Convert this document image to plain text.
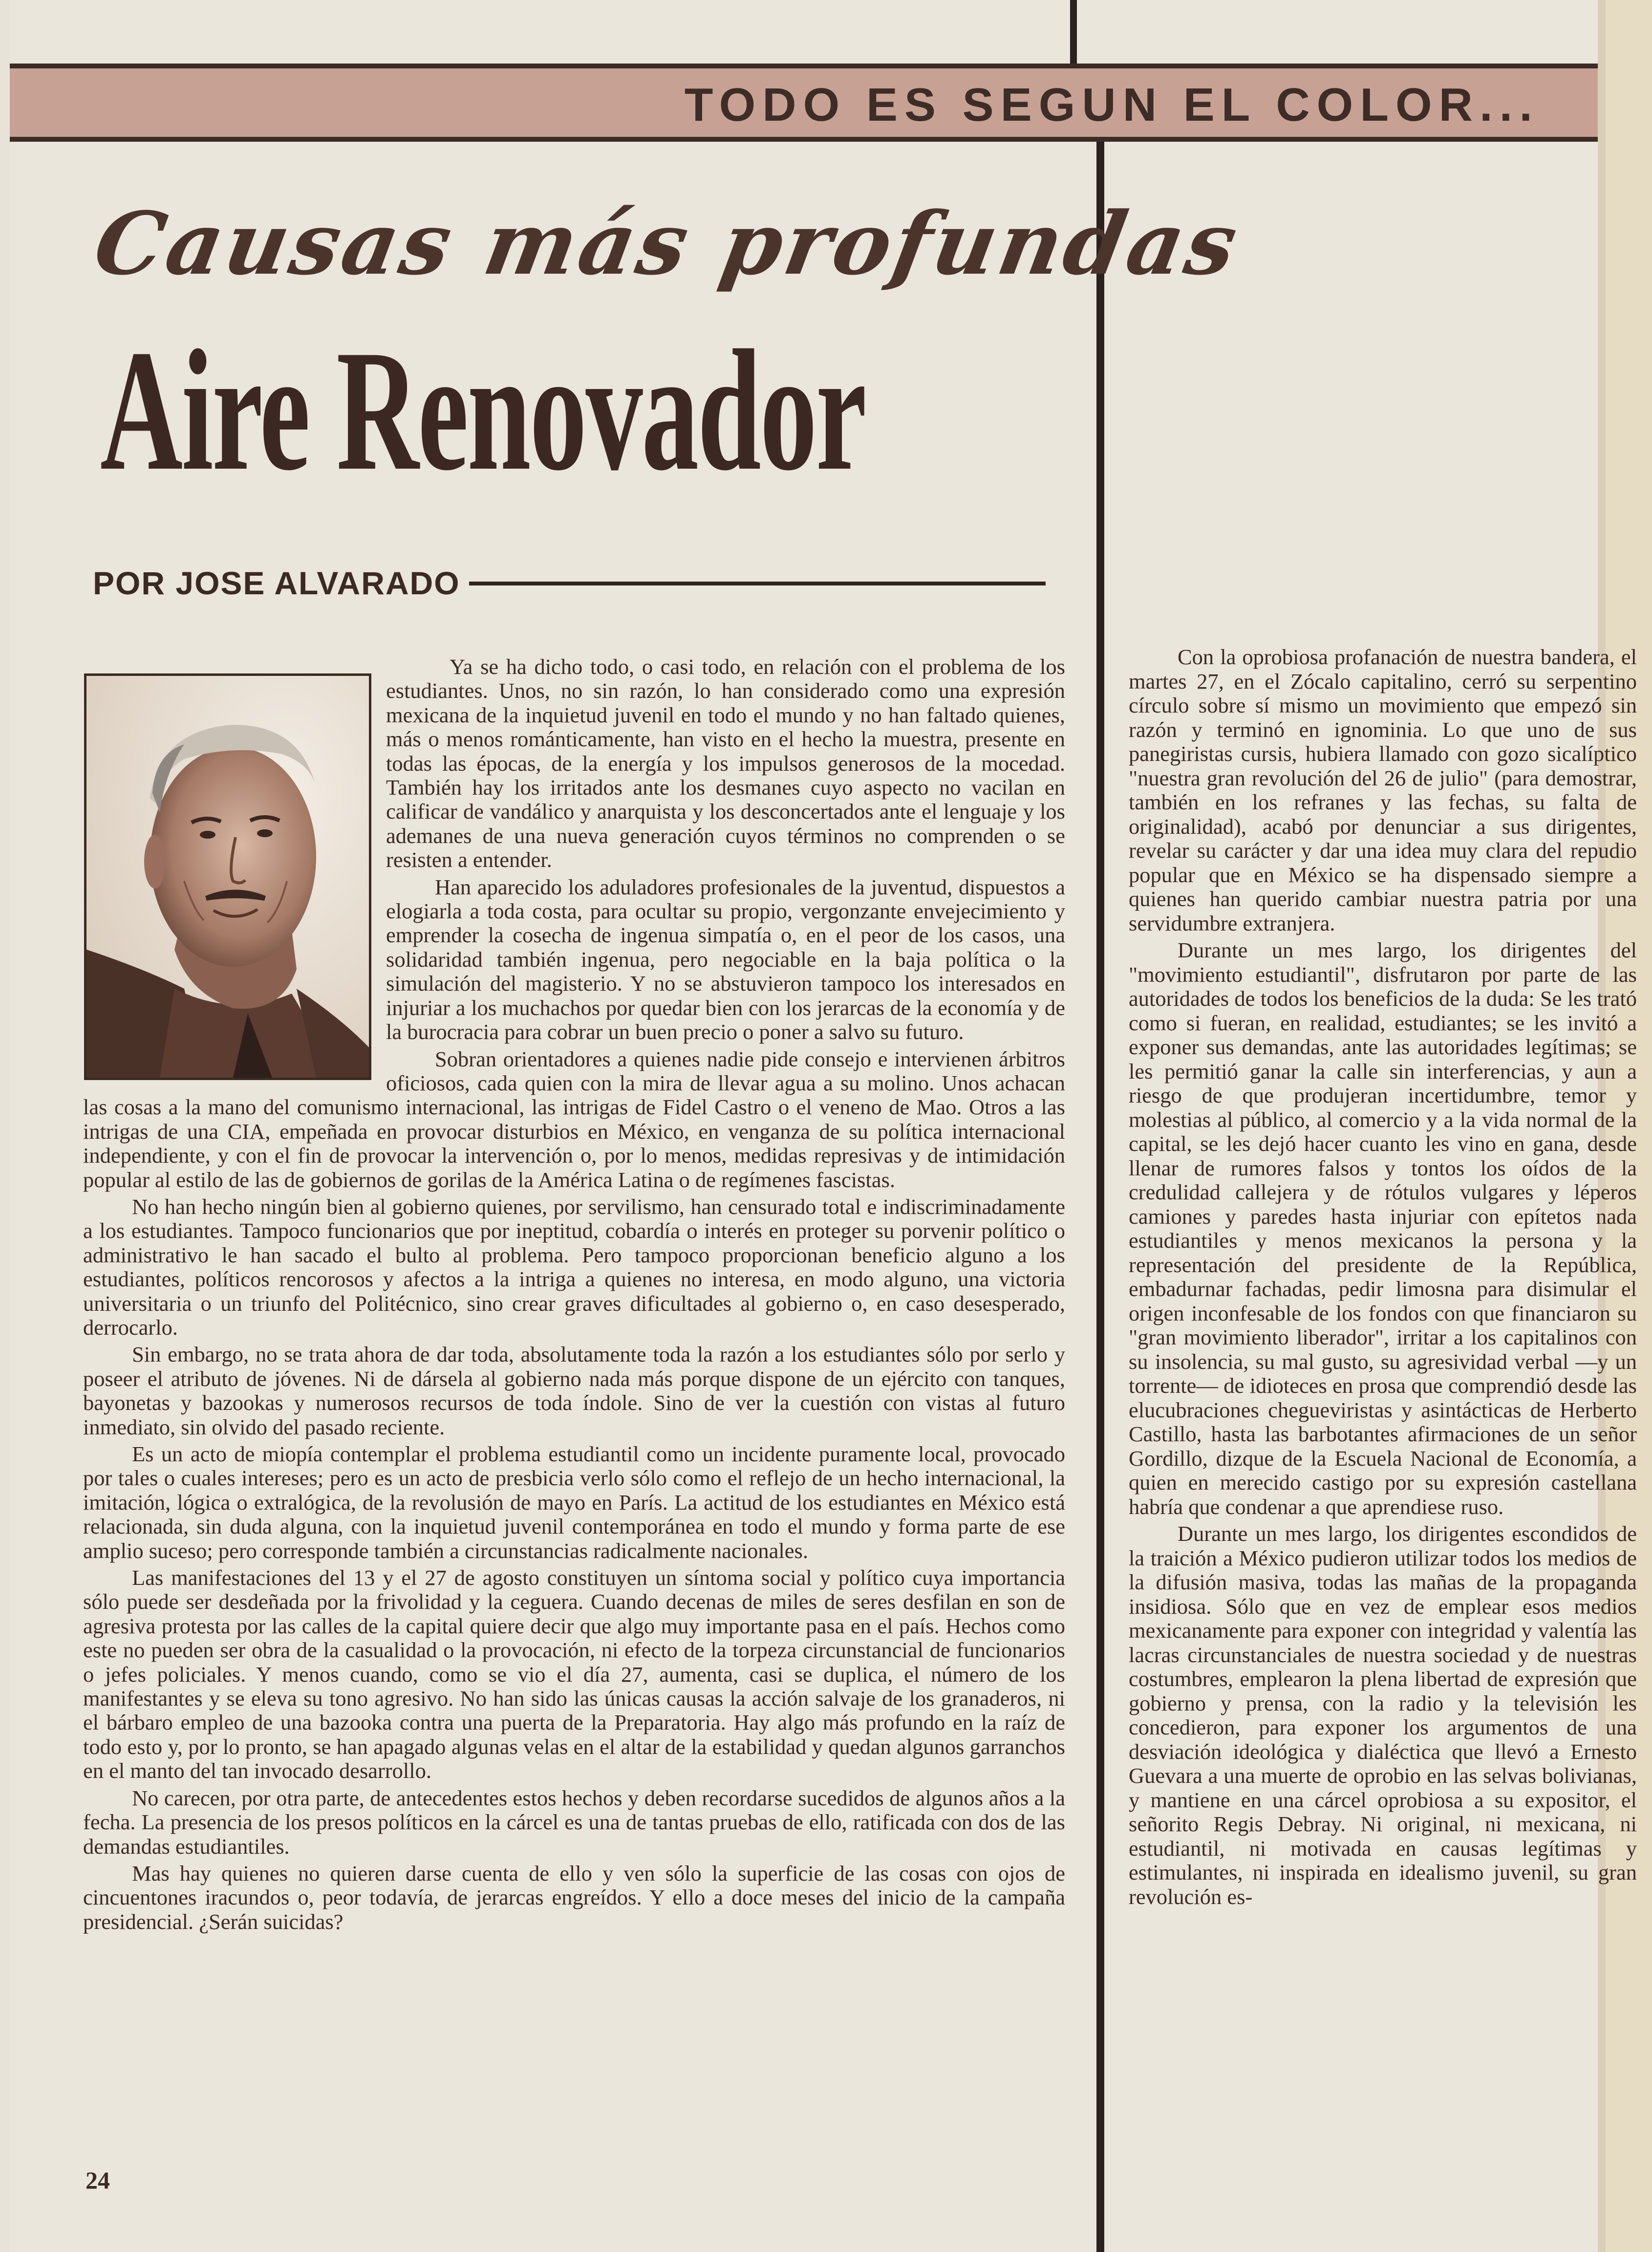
TODO ES SEGUN EL COLOR...
Causas más profundas
Aire Renovador
POR JOSE ALVARADO

Ya se ha dicho todo, o casi todo, en relación con el problema de los estudiantes. Unos, no sin razón, lo han considerado como una expresión mexicana de la inquietud juvenil en todo el mundo y no han faltado quienes, más o menos románticamente, han visto en el hecho la muestra, presente en todas las épocas, de la energía y los impulsos generosos de la mocedad. También hay los irritados ante los desmanes cuyo aspecto no vacilan en calificar de vandálico y anarquista y los desconcertados ante el lenguaje y los ademanes de una nueva generación cuyos términos no comprenden o se resisten a entender.

Han aparecido los aduladores profesionales de la juventud, dispuestos a elogiarla a toda costa, para ocultar su propio, vergonzante envejecimiento y emprender la cosecha de ingenua simpatía o, en el peor de los casos, una solidaridad también ingenua, pero negociable en la baja política o la simulación del magisterio. Y no se abstuvieron tampoco los interesados en injuriar a los muchachos por quedar bien con los jerarcas de la economía y de la burocracia para cobrar un buen precio o poner a salvo su futuro.

Sobran orientadores a quienes nadie pide consejo e intervienen árbitros oficiosos, cada quien con la mira de llevar agua a su molino. Unos achacan las cosas a la mano del comunismo internacional, las intrigas de Fidel Castro o el veneno de Mao. Otros a las intrigas de una CIA, empeñada en provocar disturbios en México, en venganza de su política internacional independiente, y con el fin de provocar la intervención o, por lo menos, medidas represivas y de intimidación popular al estilo de las de gobiernos de gorilas de la América Latina o de regímenes fascistas.

No han hecho ningún bien al gobierno quienes, por servilismo, han censurado total e indiscriminadamente a los estudiantes. Tampoco funcionarios que por ineptitud, cobardía o interés en proteger su porvenir político o administrativo le han sacado el bulto al problema. Pero tampoco proporcionan beneficio alguno a los estudiantes, políticos rencorosos y afectos a la intriga a quienes no interesa, en modo alguno, una victoria universitaria o un triunfo del Politécnico, sino crear graves dificultades al gobierno o, en caso desesperado, derrocarlo.

Sin embargo, no se trata ahora de dar toda, absolutamente toda la razón a los estudiantes sólo por serlo y poseer el atributo de jóvenes. Ni de dársela al gobierno nada más porque dispone de un ejército con tanques, bayonetas y bazookas y numerosos recursos de toda índole. Sino de ver la cuestión con vistas al futuro inmediato, sin olvido del pasado reciente.

Es un acto de miopía contemplar el problema estudiantil como un incidente puramente local, provocado por tales o cuales intereses; pero es un acto de presbicia verlo sólo como el reflejo de un hecho internacional, la imitación, lógica o extralógica, de la revolusión de mayo en París. La actitud de los estudiantes en México está relacionada, sin duda alguna, con la inquietud juvenil contemporánea en todo el mundo y forma parte de ese amplio suceso; pero corresponde también a circunstancias radicalmente nacionales.

Las manifestaciones del 13 y el 27 de agosto constituyen un síntoma social y político cuya importancia sólo puede ser desdeñada por la frivolidad y la ceguera. Cuando decenas de miles de seres desfilan en son de agresiva protesta por las calles de la capital quiere decir que algo muy importante pasa en el país. Hechos como este no pueden ser obra de la casualidad o la provocación, ni efecto de la torpeza circunstancial de funcionarios o jefes policiales. Y menos cuando, como se vio el día 27, aumenta, casi se duplica, el número de los manifestantes y se eleva su tono agresivo. No han sido las únicas causas la acción salvaje de los granaderos, ni el bárbaro empleo de una bazooka contra una puerta de la Preparatoria. Hay algo más profundo en la raíz de todo esto y, por lo pronto, se han apagado algunas velas en el altar de la estabilidad y quedan algunos garranchos en el manto del tan invocado desarrollo.

No carecen, por otra parte, de antecedentes estos hechos y deben recordarse sucedidos de algunos años a la fecha. La presencia de los presos políticos en la cárcel es una de tantas pruebas de ello, ratificada con dos de las demandas estudiantiles.

Mas hay quienes no quieren darse cuenta de ello y ven sólo la superficie de las cosas con ojos de cincuentones iracundos o, peor todavía, de jerarcas engreídos. Y ello a doce meses del inicio de la campaña presidencial. ¿Serán suicidas?

Con la oprobiosa profanación de nuestra bandera, el martes 27, en el Zócalo capitalino, cerró su serpentino círculo sobre sí mismo un movimiento que empezó sin razón y terminó en ignominia. Lo que uno de sus panegiristas cursis, hubiera llamado con gozo sicalíptico "nuestra gran revolución del 26 de julio" (para demostrar, también en los refranes y las fechas, su falta de originalidad), acabó por denunciar a sus dirigentes, revelar su carácter y dar una idea muy clara del repudio popular que en México se ha dispensado siempre a quienes han querido cambiar nuestra patria por una servidumbre extranjera.

Durante un mes largo, los dirigentes del "movimiento estudiantil", disfrutaron por parte de las autoridades de todos los beneficios de la duda: Se les trató como si fueran, en realidad, estudiantes; se les invitó a exponer sus demandas, ante las autoridades legítimas; se les permitió ganar la calle sin interferencias, y aun a riesgo de que produjeran incertidumbre, temor y molestias al público, al comercio y a la vida normal de la capital, se les dejó hacer cuanto les vino en gana, desde llenar de rumores falsos y tontos los oídos de la credulidad callejera y de rótulos vulgares y léperos camiones y paredes hasta injuriar con epítetos nada estudiantiles y menos mexicanos la persona y la representación del presidente de la República, embadurnar fachadas, pedir limosna para disimular el origen inconfesable de los fondos con que financiaron su "gran movimiento liberador", irritar a los capitalinos con su insolencia, su mal gusto, su agresividad verbal —y un torrente— de idioteces en prosa que comprendió desde las elucubraciones chegueviristas y asintácticas de Herberto Castillo, hasta las barbotantes afirmaciones de un señor Gordillo, dizque de la Escuela Nacional de Economía, a quien en merecido castigo por su expresión castellana habría que condenar a que aprendiese ruso.

Durante un mes largo, los dirigentes escondidos de la traición a México pudieron utilizar todos los medios de la difusión masiva, todas las mañas de la propaganda insidiosa. Sólo que en vez de emplear esos medios mexicanamente para exponer con integridad y valentía las lacras circunstanciales de nuestra sociedad y de nuestras costumbres, emplearon la plena libertad de expresión que gobierno y prensa, con la radio y la televisión les concedieron, para exponer los argumentos de una desviación ideológica y dialéctica que llevó a Ernesto Guevara a una muerte de oprobio en las selvas bolivianas, y mantiene en una cárcel oprobiosa a su expositor, el señorito Regis Debray. Ni original, ni mexicana, ni estudiantil, ni motivada en causas legítimas y estimulantes, ni inspirada en idealismo juvenil, su gran revolución es-

24
